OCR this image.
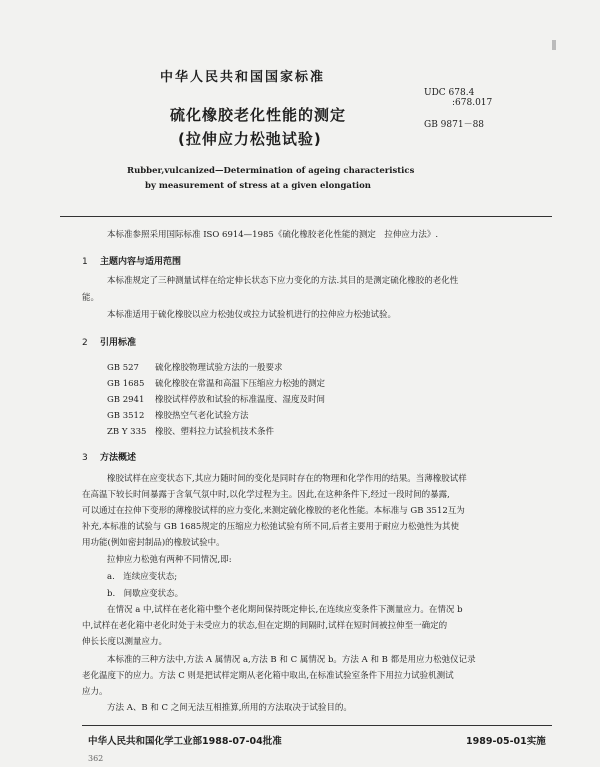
中华人民共和国国家标准
UDC 678.4
:678.017
GB 9871－88
硫化橡胶老化性能的测定
(拉伸应力松弛试验)
Rubber,vulcanized—Determination of ageing characteristics
by measurement of stress at a given elongation
本标准参照采用国际标准 ISO 6914—1985《硫化橡胶老化性能的测定　拉伸应力法》.
1 主题内容与适用范围
本标准规定了三种测量试样在给定伸长状态下应力变化的方法.其目的是测定硫化橡胶的老化性
能。
本标准适用于硫化橡胶以应力松弛仪或拉力试验机进行的拉伸应力松弛试验。
2 引用标准
GB 527 硫化橡胶物理试验方法的一般要求
GB 1685 硫化橡胶在常温和高温下压缩应力松弛的测定
GB 2941 橡胶试样停放和试验的标准温度、湿度及时间
GB 3512 橡胶热空气老化试验方法
ZB Y 335 橡胶、塑料拉力试验机技术条件
3 方法概述
橡胶试样在应变状态下,其应力随时间的变化是同时存在的物理和化学作用的结果。当薄橡胶试样
在高温下较长时间暴露于含氧气氛中时,以化学过程为主。因此,在这种条件下,经过一段时间的暴露,
可以通过在拉伸下变形的薄橡胶试样的应力变化,来测定硫化橡胶的老化性能。本标准与 GB 3512互为
补充,本标准的试验与 GB 1685规定的压缩应力松弛试验有所不同,后者主要用于耐应力松弛性为其使
用功能(例如密封制品)的橡胶试验中。
拉伸应力松弛有两种不同情况,即:
a.　连续应变状态;
b.　间歇应变状态。
在情况 a 中,试样在老化箱中整个老化期间保持既定伸长,在连续应变条件下测量应力。在情况 b
中,试样在老化箱中老化时处于未受应力的状态,但在定期的间隔时,试样在短时间被拉伸至一确定的
伸长长度以测量应力。
本标准的三种方法中,方法 A 属情况 a,方法 B 和 C 属情况 b。方法 A 和 B 都是用应力松弛仪记录
老化温度下的应力。方法 C 则是把试样定期从老化箱中取出,在标准试验室条件下用拉力试验机测试
应力。
方法 A、B 和 C 之间无法互相推算,所用的方法取决于试验目的。
中华人民共和国化学工业部1988-07-04批准	1989-05-01实施
362
